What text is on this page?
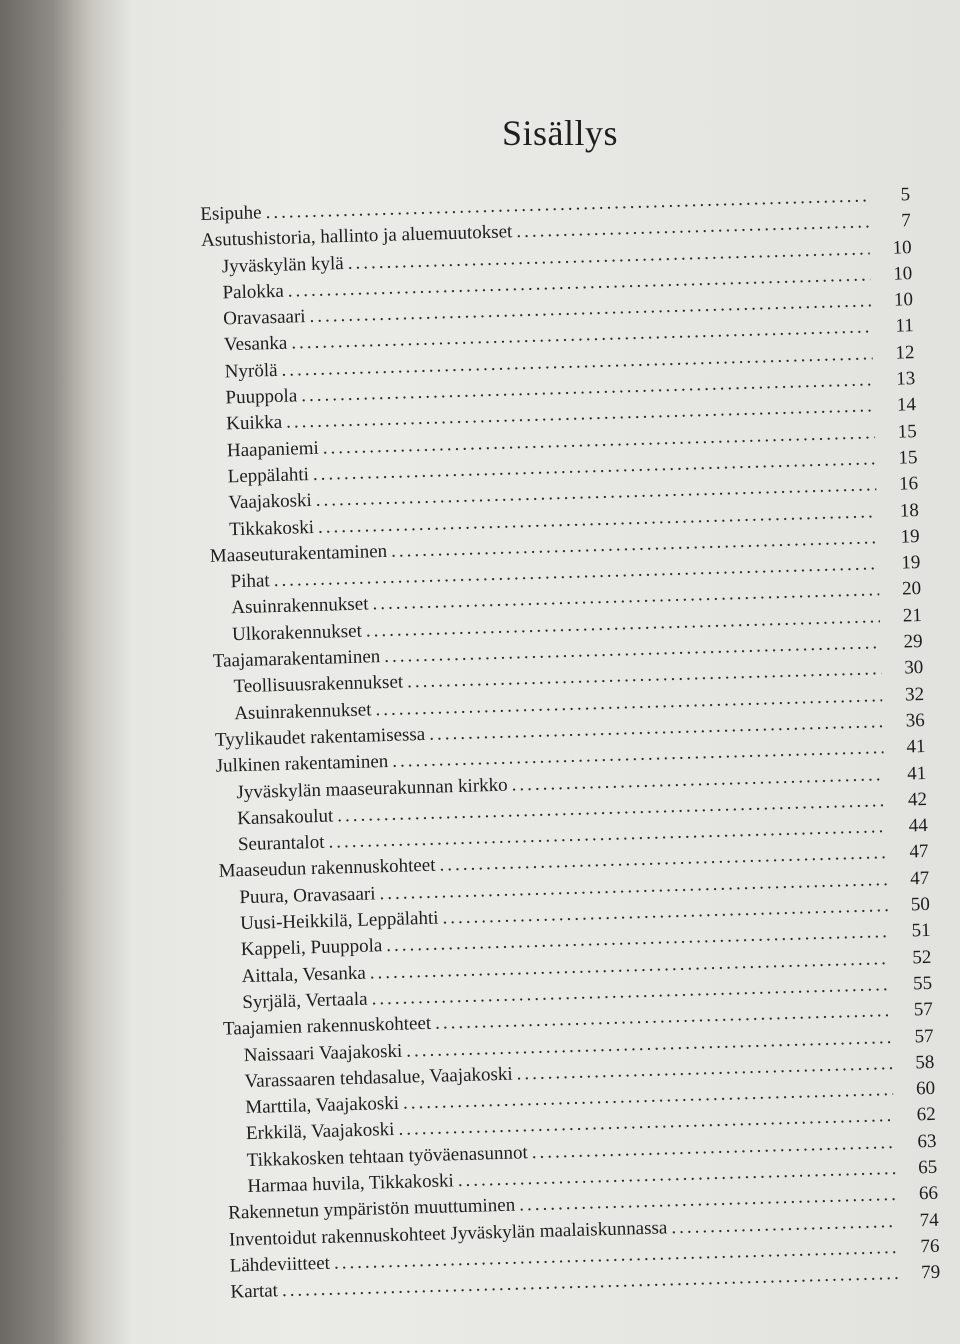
Sisällys
Esipuhe
.....
5
Asutushistoria, hallinto ja aluemuutokset
.....
7
Jyväskylän kylä
.....
10
Palokka
.....
10
Oravasaari
.....
10
Vesanka
.....
11
Nyrölä
.....
12
Puuppola
.....
13
Kuikka
.....
14
Haapaniemi
.....
15
Leppälahti
.....
15
Vaajakoski
.....
16
Tikkakoski
.....
18
Maaseuturakentaminen
.....
19
Pihat
.....
19
Asuinrakennukset
.....
20
Ulkorakennukset
.....
21
Taajamarakentaminen
.....
29
Teollisuusrakennukset
.....
30
Asuinrakennukset
.....
32
Tyylikaudet rakentamisessa
.....
36
Julkinen rakentaminen
.....
41
Jyväskylän maaseurakunnan kirkko
.....
41
Kansakoulut
.....
42
Seurantalot
.....
44
Maaseudun rakennuskohteet
.....
47
Puura, Oravasaari
.....
47
Uusi-Heikkilä, Leppälahti
.....
50
Kappeli, Puuppola
.....
51
Aittala, Vesanka
.....
52
Syrjälä, Vertaala
.....
55
Taajamien rakennuskohteet
.....
57
Naissaari Vaajakoski
.....
57
Varassaaren tehdasalue, Vaajakoski
.....
58
Marttila, Vaajakoski
.....
60
Erkkilä, Vaajakoski
.....
62
Tikkakosken tehtaan työväenasunnot
.....
63
Harmaa huvila, Tikkakoski
.....
65
Rakennetun ympäristön muuttuminen
.....
66
Inventoidut rakennuskohteet Jyväskylän maalaiskunnassa
.....	74
Lähdeviitteet
.....
76
Kartat
.....
79
